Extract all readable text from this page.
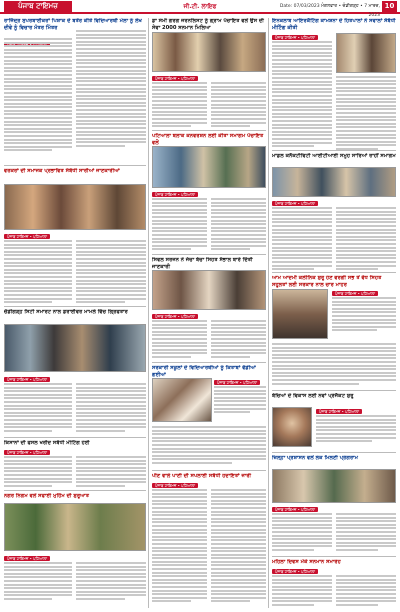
ਪੰਜਾਬ ਟਾਇਮਜ਼	ਜੀ.ਟੀ. ਲਾਇਫ	Date: 07/03/2023 ਮੰਗਲਵਾਰ • ਚੰਡੀਗੜ੍ਹ • 7 ਮਾਰਚ, 2023
10
ਰਾਜਿੰਦ੍ਰ ਸੁਪਰਬਾਈਕਰਾਂ ਪਿਸ਼ਾਕ ਦੇ ਬਤੌਰ ਕੀਤੇ ਵਿਦਿਆਰਥੀ ਮੇਲਾ ਨੂੰ ਲੇਖ ਦੀਵੇ ਨੂੰ ਵਿਚਾਰ ਮੰਤਰ ਮਿੱਤਰ
ਵਰਕਰਾਂ ਦੀ ਸਮਾਜਕ ਪ੍ਰਭਾਵਿਤ ਸੰਬੰਧੀ ਸਾਰੀਆਂ ਜਾਣਕਾਰੀਆਂ
ਪੰਜਾਬ ਟਾਇਮਜ਼ • ਪਟਿਆਲਾ
ਚੰਡੀਗੜ੍ਹ ਸਿਟੀ ਸਮਾਰਟ ਨਾਲ ਡਰਾਈਵਰ ਮਾਮਲੇ ਵਿੱਚ ਗ੍ਰਿਫਤਾਰ
ਪੰਜਾਬ ਟਾਇਮਜ਼ • ਪਟਿਆਲਾ
ਕਿਸਾਨਾਂ ਦੀ ਫਸਲ ਖਰੀਦ ਸਬੰਧੀ ਮੀਟਿੰਗ ਹੋਈ
ਪੰਜਾਬ ਟਾਇਮਜ਼ • ਪਟਿਆਲਾ
ਨਗਰ ਨਿਗਮ ਵਲੋਂ ਸਫਾਈ ਮੁਹਿੰਮ ਦੀ ਸ਼ੁਰੂਆਤ
ਪੰਜਾਬ ਟਾਇਮਜ਼ • ਪਟਿਆਲਾ
ਡਾ ਸੋਮੀ ਗਰਗ ਜਰਨਲਿਸਟ ਨੂੰ ਗ੍ਰਾਮ ਪੰਚਾਇਤ ਵਲੋਂ ਉਸ ਦੀ ਸੇਵਾ 2000 ਸਨਮਾਨ ਮਿਲਿਆ
ਪੰਜਾਬ ਟਾਇਮਜ਼ • ਪਟਿਆਲਾ
ਪਟਿਆਲਾ ਬਲਾਕ ਕਨਵਰਸ਼ਨ ਲਈ ਕੀਤਾ ਸਮਾਗਮ ਪੰਚਾਇਤ ਵਲੋਂ
ਪੰਜਾਬ ਟਾਇਮਜ਼ • ਪਟਿਆਲਾ
ਸਿਵਲ ਸਰਜਨ ਨੇ ਜੱਚਾ ਬੱਚਾ ਸਿਹਤ ਸੰਭਾਲ ਬਾਰੇ ਦਿੱਤੀ ਜਾਣਕਾਰੀ
ਪੰਜਾਬ ਟਾਇਮਜ਼ • ਪਟਿਆਲਾ
ਸਰਕਾਰੀ ਸਕੂਲਾਂ ਦੇ ਵਿਦਿਆਰਥੀਆਂ ਨੂੰ ਕਿਤਾਬਾਂ ਵੰਡੀਆਂ ਗਈਆਂ
ਪੰਜਾਬ ਟਾਇਮਜ਼ • ਪਟਿਆਲਾ
ਪੀਣ ਵਾਲੇ ਪਾਣੀ ਦੀ ਸਪਲਾਈ ਸਬੰਧੀ ਹਦਾਇਤਾਂ ਜਾਰੀ
ਪੰਜਾਬ ਟਾਇਮਜ਼ • ਪਟਿਆਲਾ
ਇਨਕਲਾਬ ਆਇਰਕੈਟਿੰਗ ਕਾਮਸ਼ਨਾ ਦੇ ਹਿਤਪਾਲਾਂ ਨੇ ਸਵਾਲਾਂ ਸੰਬੰਧੀ ਮੀਟਿੰਗ ਕੀਤੀ
ਪੰਜਾਬ ਟਾਇਮਜ਼ • ਪਟਿਆਲਾ
ਮਾਡਲ ਕਨੈਕਟੀਵਿਟੀ ਆਈਟੀਆਈ ਸਮੂਹ ਸਾਰਿਆਂ ਰਾਹੀਂ ਸਮਾਗਮ
ਪੰਜਾਬ ਟਾਇਮਜ਼ • ਪਟਿਆਲਾ
ਆਮ ਆਦਮੀ ਕਲੀਨਿਕ ਸ਼ੁਰੂ ਹੋਣ ਵਰਗੀ ਸਭ ਤੋਂ ਵੱਧ ਸਿਹਤ ਸਹੂਲਤਾਂ ਲਈ ਸਰਕਾਰ ਨਾਲ ਚਾਰ ਮਾਹਰ
ਪੰਜਾਬ ਟਾਇਮਜ਼ • ਪਟਿਆਲਾ
ਬੱਚਿਆਂ ਦੇ ਵਿਕਾਸ ਲਈ ਨਵਾਂ ਪ੍ਰੋਜੈਕਟ ਸ਼ੁਰੂ
ਪੰਜਾਬ ਟਾਇਮਜ਼ • ਪਟਿਆਲਾ
ਜ਼ਿਲ੍ਹਾ ਪ੍ਰਸ਼ਾਸਨ ਵਲੋਂ ਲੋਕ ਮਿਲਣੀ ਪ੍ਰੋਗਰਾਮ
ਪੰਜਾਬ ਟਾਇਮਜ਼ • ਪਟਿਆਲਾ
ਮਹਿਲਾ ਦਿਵਸ ਮੌਕੇ ਸਨਮਾਨ ਸਮਾਰੋਹ
ਪੰਜਾਬ ਟਾਇਮਜ਼ • ਪਟਿਆਲਾ
